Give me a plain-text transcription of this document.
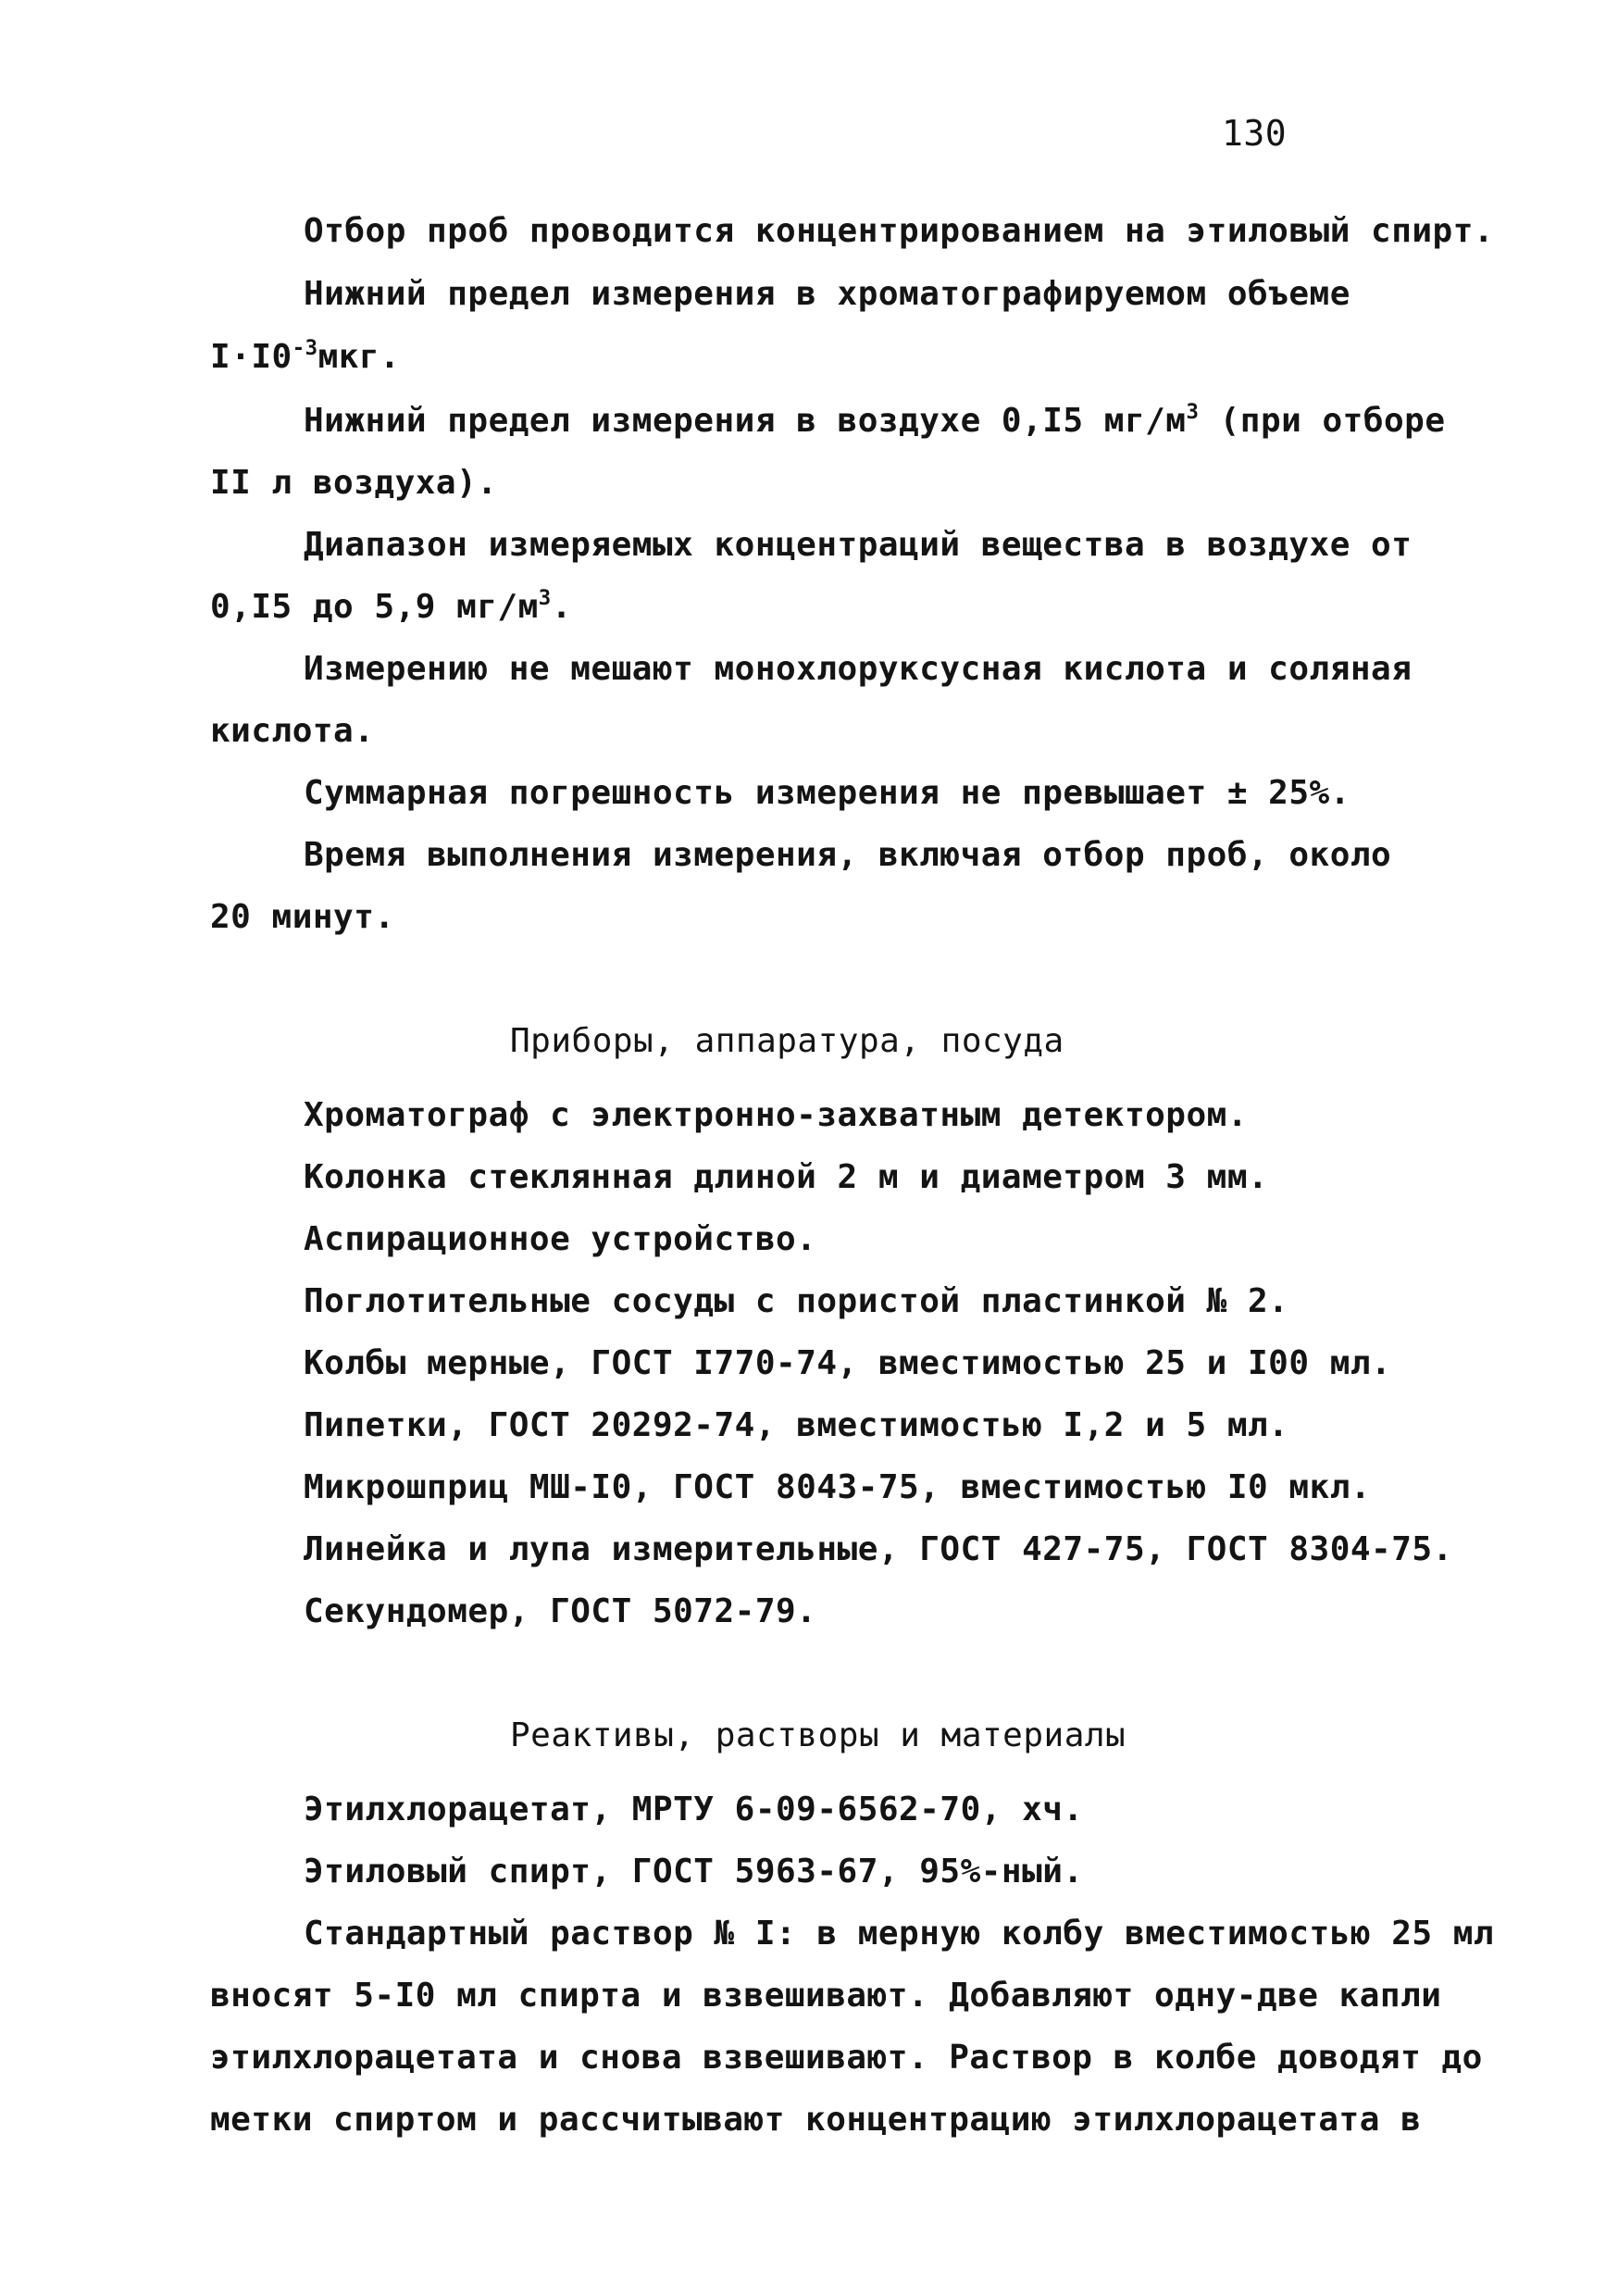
130
Отбор проб проводится концентрированием на этиловый спирт.
Нижний предел измерения в хроматографируемом объеме
$I\cdot I0^{-3}мкг$.
Нижний предел измерения в воздухе 0,I5 $мг/м^3$ (при отборе
II л воздуха).
Диапазон измеряемых концентраций вещества в воздухе от
0,I5 до 5,9 $мг/м^3$.
Измерению не мешают монохлоруксусная кислота и соляная
кислота.
Суммарная погрешность измерения не превышает ± 25%.
Время выполнения измерения, включая отбор проб, около
20 минут.
Приборы, аппаратура, посуда
Хроматограф с электронно-захватным детектором.
Колонка стеклянная длиной 2 м и диаметром 3 мм.
Аспирационное устройство.
Поглотительные сосуды с пористой пластинкой № 2.
Колбы мерные, ГОСТ I770-74, вместимостью 25 и I00 мл.
Пипетки, ГОСТ 20292-74, вместимостью I,2 и 5 мл.
Микрошприц МШ-I0, ГОСТ 8043-75, вместимостью I0 мкл.
Линейка и лупа измерительные, ГОСТ 427-75, ГОСТ 8304-75.
Секундомер, ГОСТ 5072-79.
Реактивы, растворы и материалы
Этилхлорацетат, МРТУ 6-09-6562-70, хч.
Этиловый спирт, ГОСТ 5963-67, 95%-ный.
Стандартный раствор № I: в мерную колбу вместимостью 25 мл
вносят 5-I0 мл спирта и взвешивают. Добавляют одну-две капли
этилхлорацетата и снова взвешивают. Раствор в колбе доводят до
метки спиртом и рассчитывают концентрацию этилхлорацетата в
